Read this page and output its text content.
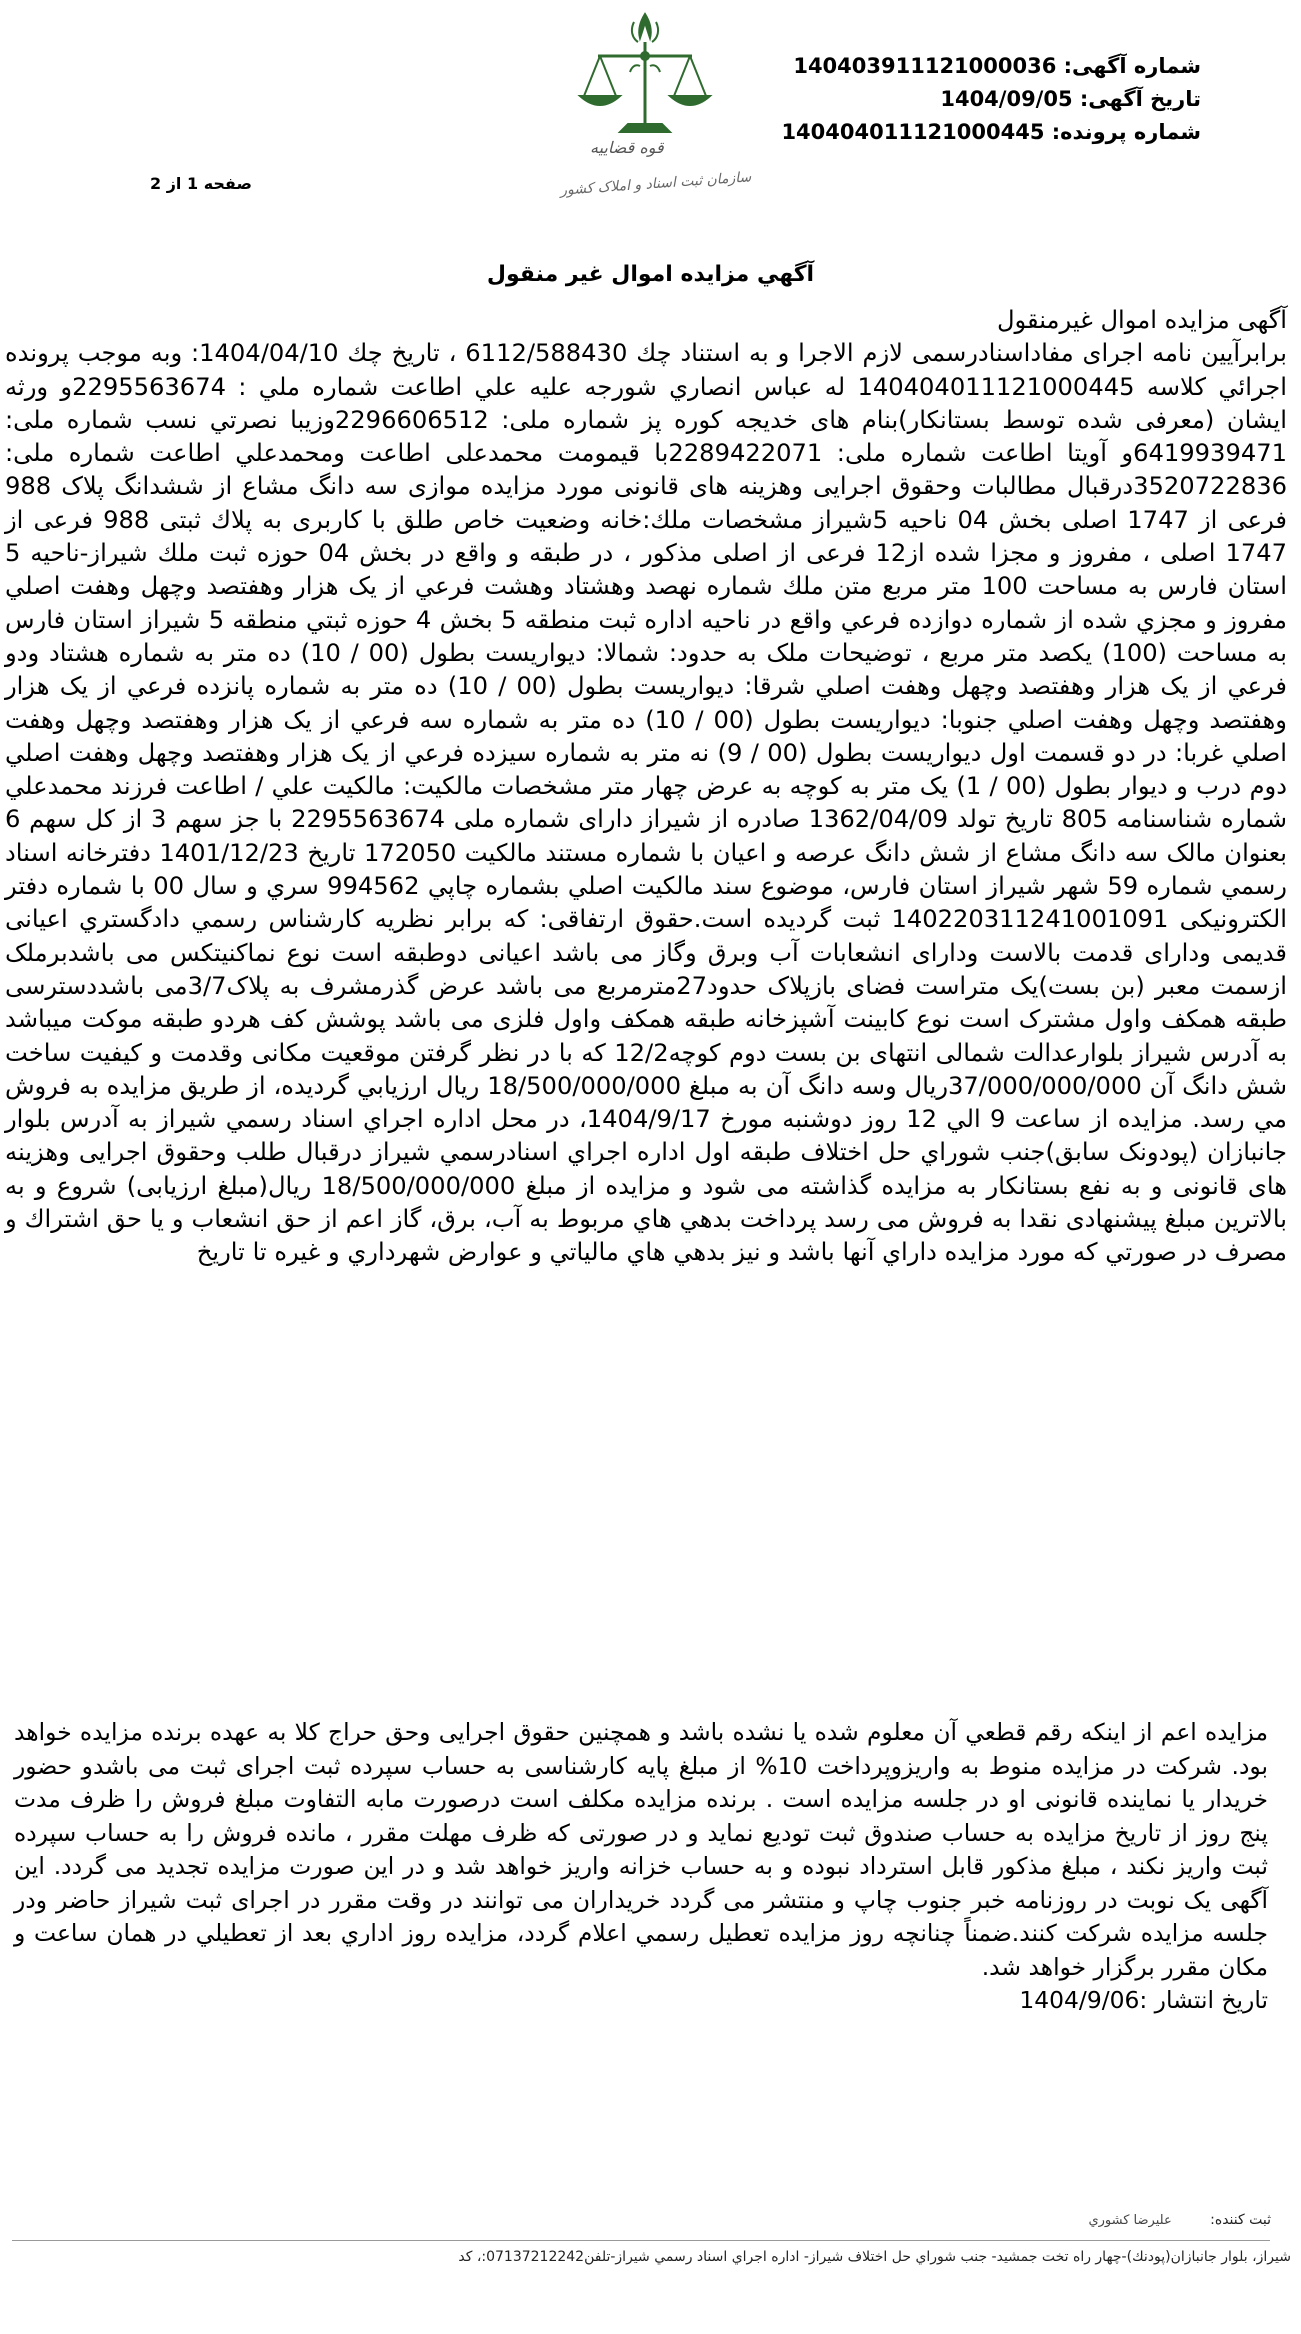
شماره آگهی: 140403911121000036
تاریخ آگهی: 1404/09/05
شماره پرونده: 140404011121000445
قوه قضاییه
سازمان ثبت اسناد و املاک کشور
صفحه 1 از 2
آگهي مزايده اموال غير منقول

آگهی مزایده اموال غیرمنقول

برابرآیین نامه اجرای مفاداسنادرسمی لازم الاجرا و به استناد چك 6112/588430 ، تاریخ چك 1404/04/10: وبه موجب پرونده اجرائي كلاسه 140404011121000445 له عباس انصاري شورجه عليه علي اطاعت شماره ملي : 2295563674و ورثه ایشان (معرفی شده توسط بستانكار)بنام های خدیجه كوره پز شماره ملی: 2296606512وزيبا نصرتي نسب شماره ملی: 6419939471و آويتا اطاعت شماره ملی: 2289422071با قيمومت محمدعلی اطاعت ومحمدعلي اطاعت شماره ملی: 3520722836درقبال مطالبات وحقوق اجرایی وهزینه های قانونی مورد مزایده موازی سه دانگ مشاع از ششدانگ پلاک 988 فرعی از 1747 اصلی بخش 04 ناحیه 5شیراز مشخصات ملك:خانه وضعیت خاص طلق با كاربری به پلاك ثبتی 988 فرعی از 1747 اصلی ، مفروز و مجزا شده از12 فرعی از اصلی مذکور ، در طبقه و واقع در بخش 04 حوزه ثبت ملك شيراز-ناحيه 5 استان فارس به مساحت 100 متر مربع متن ملك شماره نهصد وهشتاد وهشت فرعي از يک هزار وهفتصد وچهل وهفت اصلي مفروز و مجزي شده از شماره دوازده فرعي واقع در ناحيه اداره ثبت منطقه 5 بخش 4 حوزه ثبتي منطقه 5 شيراز استان فارس به مساحت (100) يكصد متر مربع ، توضيحات ملک به حدود: شمالا: ديواريست بطول (00 / 10) ده متر به شماره هشتاد ودو فرعي از يک هزار وهفتصد وچهل وهفت اصلي شرقا: ديواريست بطول (00 / 10) ده متر به شماره پانزده فرعي از يک هزار وهفتصد وچهل وهفت اصلي جنوبا: ديواريست بطول (00 / 10) ده متر به شماره سه فرعي از يک هزار وهفتصد وچهل وهفت اصلي غربا: در دو قسمت اول ديواريست بطول (00 / 9) نه متر به شماره سيزده فرعي از يک هزار وهفتصد وچهل وهفت اصلي دوم درب و ديوار بطول (00 / 1) يک متر به كوچه به عرض چهار متر مشخصات مالكيت: مالكيت علي / اطاعت فرزند محمدعلي شماره شناسنامه 805 تاريخ تولد 1362/04/09 صادره از شيراز دارای شماره ملی 2295563674 با جز سهم 3 از كل سهم 6 بعنوان مالک سه دانگ مشاع از شش دانگ عرصه و اعيان با شماره مستند مالكيت 172050 تاريخ 1401/12/23 دفترخانه اسناد رسمي شماره 59 شهر شيراز استان فارس، موضوع سند مالكيت اصلي بشماره چاپي 994562 سري و سال 00 با شماره دفتر الكترونيكی 140220311241001091 ثبت گرديده است.حقوق ارتفاقی: كه برابر نظريه كارشناس رسمي دادگستري اعيانی قديمی ودارای قدمت بالاست ودارای انشعابات آب وبرق وگاز می باشد اعيانی دوطبقه است نوع نماكنيتكس می باشدبرملک ازسمت معبر (بن بست)يک متراست فضای بازپلاک حدود27مترمربع می باشد عرض گذرمشرف به پلاک3/7می باشددسترسی طبقه همكف واول مشترک است نوع كابينت آشپزخانه طبقه همكف واول فلزی می باشد پوشش كف هردو طبقه موكت ميباشد به آدرس شيراز بلوارعدالت شمالی انتهای بن بست دوم كوچه12/2 كه با در نظر گرفتن موقعيت مكانی وقدمت و كيفيت ساخت شش دانگ آن 37/000/000/000ريال وسه دانگ آن به مبلغ 18/500/000/000 ريال ارزيابي گرديده، از طريق مزايده به فروش مي رسد. مزايده از ساعت 9 الي 12 روز دوشنبه مورخ 1404/9/17، در محل اداره اجراي اسناد رسمي شيراز به آدرس بلوار جانبازان (پودونک سابق)جنب شوراي حل اختلاف طبقه اول اداره اجراي اسنادرسمي شيراز درقبال طلب وحقوق اجرایی وهزینه های قانونی و به نفع بستانكار به مزایده گذاشته می شود و مزايده از مبلغ 18/500/000/000 ريال(مبلغ ارزيابی) شروع و به بالاترين مبلغ پيشنهادی نقدا به فروش می رسد پرداخت بدهي هاي مربوط به آب، برق، گاز اعم از حق انشعاب و يا حق اشتراك و مصرف در صورتي كه مورد مزايده داراي آنها باشد و نيز بدهي هاي مالياتي و عوارض شهرداري و غيره تا تاريخ

مزايده اعم از اينكه رقم قطعي آن معلوم شده يا نشده باشد و همچنين حقوق اجرایی وحق حراج كلا به عهده برنده مزايده خواهد بود. شرکت در مزايده منوط به واريزوپرداخت 10% از مبلغ پايه كارشناسی به حساب سپرده ثبت اجرای ثبت می باشدو حضور خريدار يا نماينده قانونی او در جلسه مزايده است . برنده مزايده مكلف است درصورت مابه التفاوت مبلغ فروش را ظرف مدت پنج روز از تاريخ مزايده به حساب صندوق ثبت توديع نمايد و در صورتی كه ظرف مهلت مقرر ، مانده فروش را به حساب سپرده ثبت واريز نكند ، مبلغ مذكور قابل استرداد نبوده و به حساب خزانه واريز خواهد شد و در اين صورت مزايده تجديد می گردد. اين آگهی يک نوبت در روزنامه خبر جنوب چاپ و منتشر می گردد خريداران می توانند در وقت مقرر در اجرای ثبت شيراز حاضر ودر جلسه مزايده شركت كنند.ضمناً چنانچه روز مزايده تعطيل رسمي اعلام گردد، مزايده روز اداري بعد از تعطيلي در همان ساعت و مكان مقرر برگزار خواهد شد.

تاریخ انتشار :1404/9/06

ثبت کننده: عليرضا كشوري
شيراز، بلوار جانبازان(پودنك)-چهار راه تخت جمشيد- جنب شوراي حل اختلاف شيراز- اداره اجراي اسناد رسمي شيراز-تلفن07137212242:، كد
